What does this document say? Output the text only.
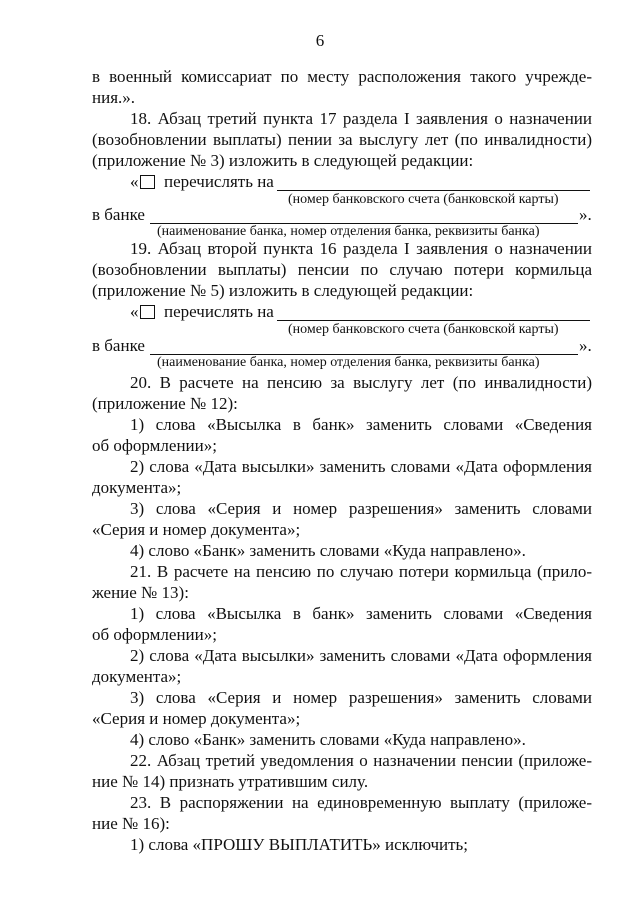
6
в военный комиссариат по месту расположения такого учрежде-
ния.».
18. Абзац третий пункта 17 раздела I заявления о назначении
(возобновлении выплаты) пении за выслугу лет (по инвалидности)
(приложение № 3) изложить в следующей редакции:
« перечислять на
(номер банковского счета (банковской карты)
в банке	».
(наименование банка, номер отделения банка, реквизиты банка)
19. Абзац второй пункта 16 раздела I заявления о назначении
(возобновлении выплаты) пенсии по случаю потери кормильца
(приложение № 5) изложить в следующей редакции:
« перечислять на
(номер банковского счета (банковской карты)
в банке	».
(наименование банка, номер отделения банка, реквизиты банка)
20. В расчете на пенсию за выслугу лет (по инвалидности)
(приложение № 12):
1) слова «Высылка в банк» заменить словами «Сведения
об оформлении»;
2) слова «Дата высылки» заменить словами «Дата оформления
документа»;
3) слова «Серия и номер разрешения» заменить словами
«Серия и номер документа»;
4) слово «Банк» заменить словами «Куда направлено».
21. В расчете на пенсию по случаю потери кормильца (прило-
жение № 13):
1) слова «Высылка в банк» заменить словами «Сведения
об оформлении»;
2) слова «Дата высылки» заменить словами «Дата оформления
документа»;
3) слова «Серия и номер разрешения» заменить словами
«Серия и номер документа»;
4) слово «Банк» заменить словами «Куда направлено».
22. Абзац третий уведомления о назначении пенсии (приложе-
ние № 14) признать утратившим силу.
23. В распоряжении на единовременную выплату (приложе-
ние № 16):
1) слова «ПРОШУ ВЫПЛАТИТЬ» исключить;
